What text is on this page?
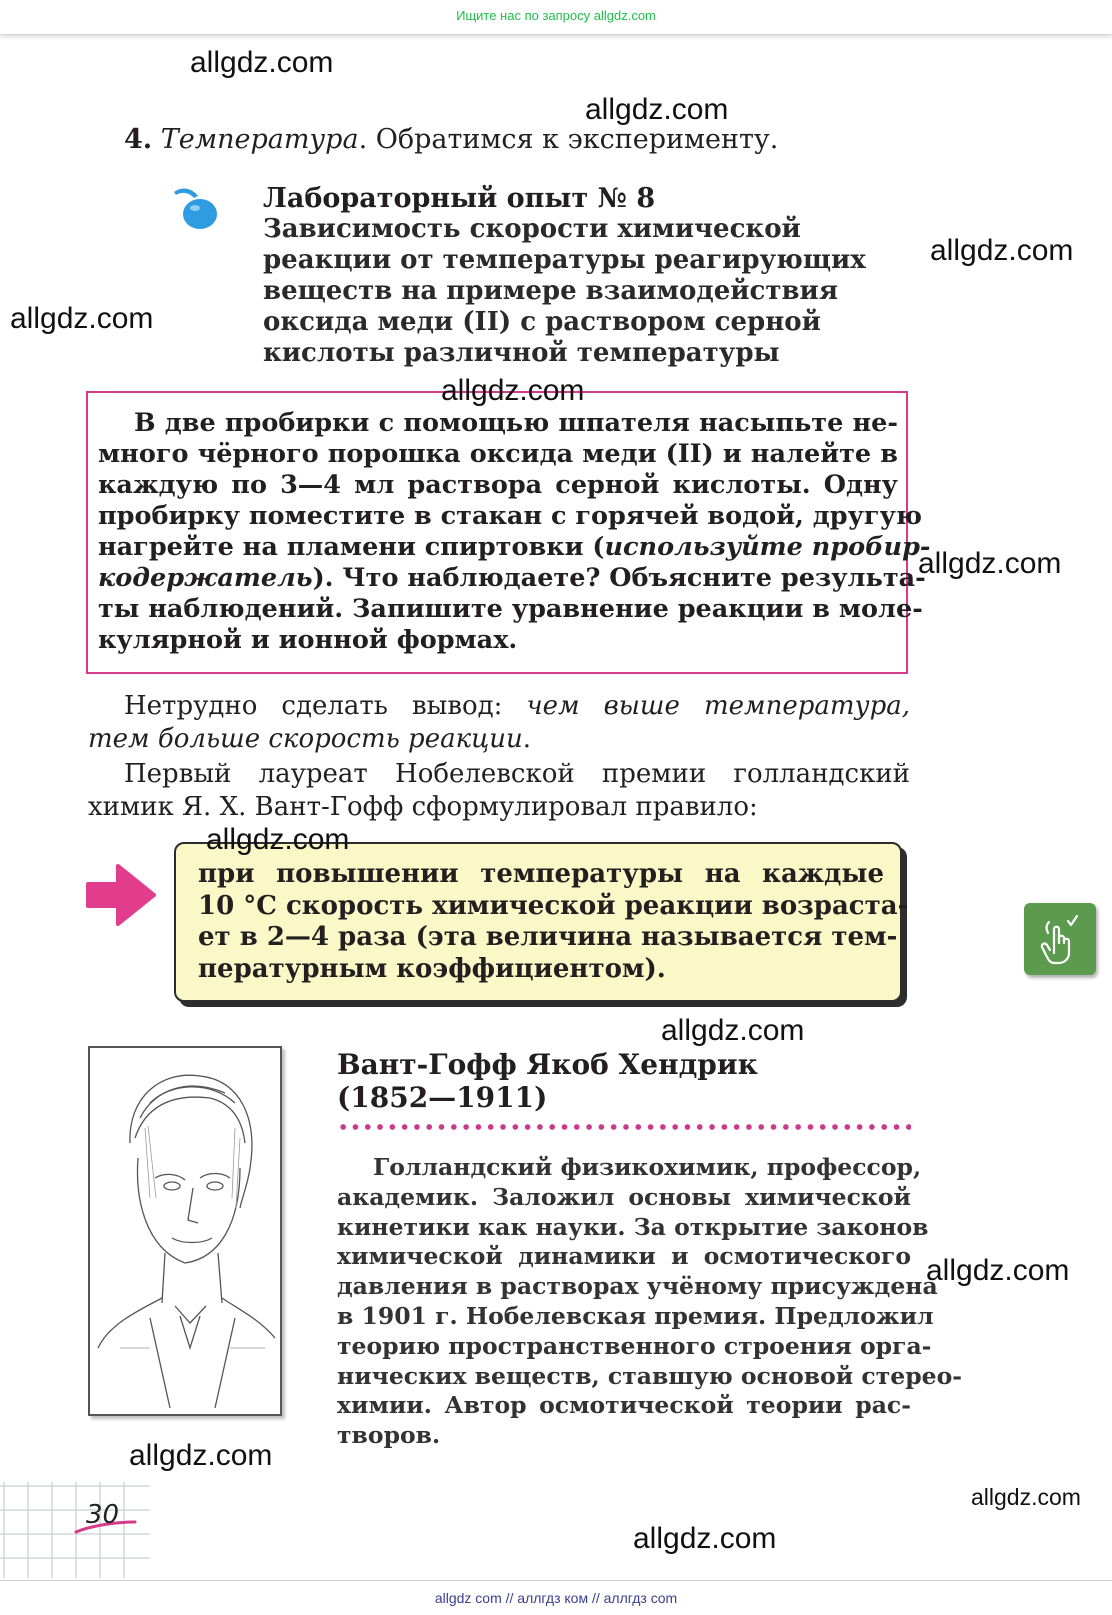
Ищите нас по запросу allgdz.com
4. Температура. Обратимся к эксперименту.
Лабораторный опыт № 8
Зависимость скорости химической
реакции от температуры реагирующих
веществ на примере взаимодействия
оксида меди (II) с раствором серной
кислоты различной температуры
В две пробирки с помощью шпателя насыпьте не-
много чёрного порошка оксида меди (II) и налейте в
каждую по 3—4 мл раствора серной кислоты. Одну
пробирку поместите в стакан с горячей водой, другую
нагрейте на пламени спиртовки (используйте пробир-
кодержатель). Что наблюдаете? Объясните результа-
ты наблюдений. Запишите уравнение реакции в моле-
кулярной и ионной формах.
Нетрудно сделать вывод: чем выше температура,
тем больше скорость реакции.
Первый лауреат Нобелевской премии голландский
химик Я. Х. Вант-Гофф сформулировал правило:
при повышении температуры на каждые
10 °С скорость химической реакции возраста-
ет в 2—4 раза (эта величина называется тем-
пературным коэффициентом).
Вант-Гофф Якоб Хендрик
(1852—1911)
Голландский физикохимик, профессор,
академик. Заложил основы химической
кинетики как науки. За открытие законов
химической динамики и осмотического
давления в растворах учёному присуждена
в 1901 г. Нобелевская премия. Предложил
теорию пространственного строения орга-
нических веществ, ставшую основой стерео-
химии. Автор осмотической теории рас-
творов.
30
allgdz.com
allgdz.com
allgdz.com
allgdz.com
allgdz.com
allgdz.com
allgdz.com
allgdz.com
allgdz.com
allgdz.com
allgdz.com
allgdz.com
allgdz com // аллгдз ком // аллгдз com
